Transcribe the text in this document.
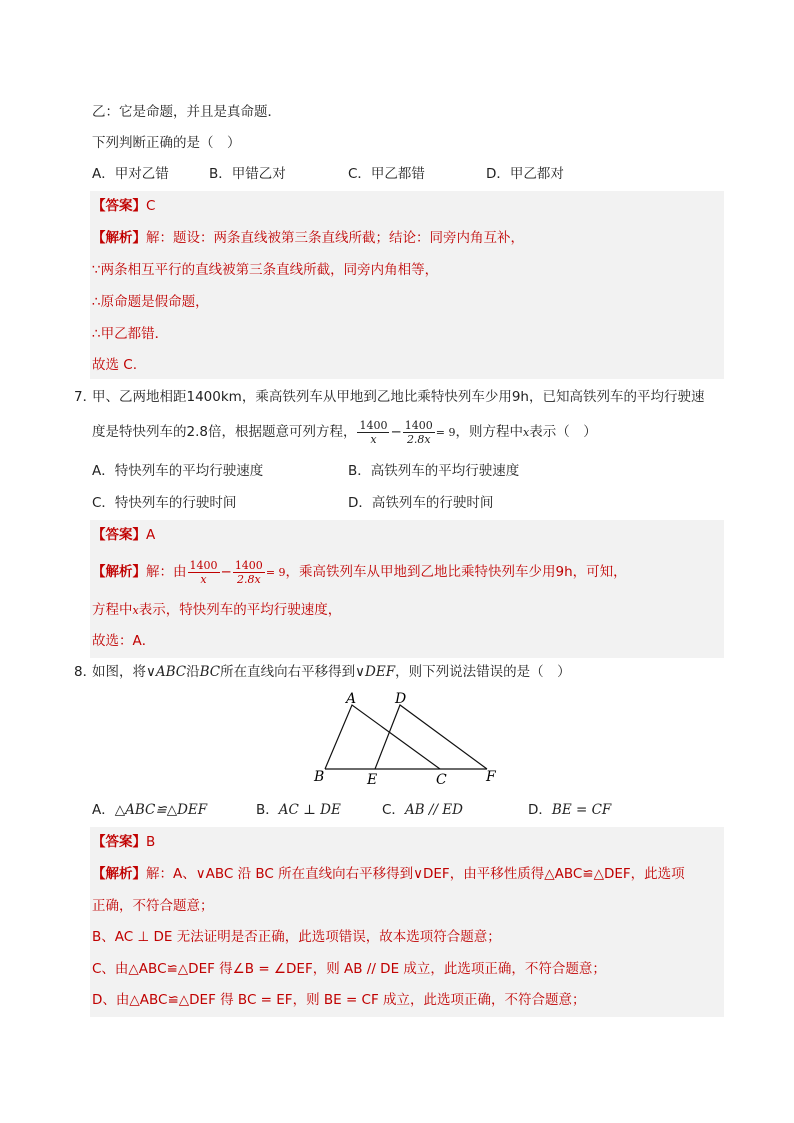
乙：它是命题，并且是真命题．
下列判断正确的是（　）
A．甲对乙错	B．甲错乙对	C．甲乙都错	D．甲乙都对
【答案】C
【解析】解：题设：两条直线被第三条直线所截；结论：同旁内角互补，
∵两条相互平行的直线被第三条直线所截，同旁内角相等，
∴原命题是假命题，
∴甲乙都错．
故选 C.
7．
甲、乙两地相距1400km，乘高铁列车从甲地到乙地比乘特快列车少用9h，已知高铁列车的平均行驶速
度是特快列车的2.8倍，根据题意可列方程， $\frac{1400}{x} - \frac{1400}{2.8x} = 9$，则方程中x表示（　）
A．特快列车的平均行驶速度	B．高铁列车的平均行驶速度
C．特快列车的行驶时间	D．高铁列车的行驶时间
【答案】A
【解析】解：由 $\frac{1400}{x} - \frac{1400}{2.8x} = 9$，乘高铁列车从甲地到乙地比乘特快列车少用9h，可知，
方程中x表示，特快列车的平均行驶速度，
故选：A．
8．
如图，将∨ABC沿BC所在直线向右平移得到∨DEF，则下列说法错误的是（　）
A	D
B	E	C	F
A．△ABC≌△DEF	B．AC ⊥ DE	C．AB // ED	D．BE = CF
【答案】B
【解析】解：A、∨ABC 沿 BC 所在直线向右平移得到∨DEF，由平移性质得△ABC≌△DEF，此选项
正确，不符合题意；
B、AC ⊥ DE 无法证明是否正确，此选项错误，故本选项符合题意；
C、由△ABC≌△DEF 得∠B = ∠DEF，则 AB // DE 成立，此选项正确，不符合题意；
D、由△ABC≌△DEF 得 BC = EF，则 BE = CF 成立，此选项正确，不符合题意；
